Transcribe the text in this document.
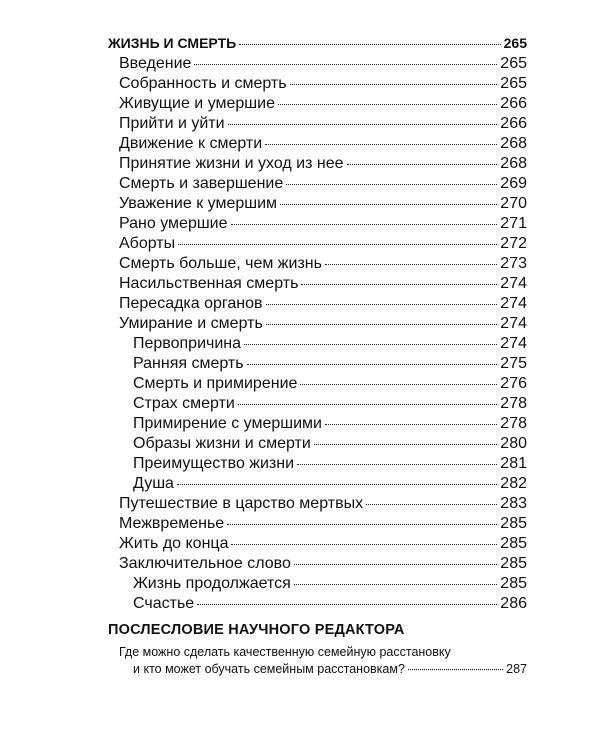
ЖИЗНЬ И СМЕРТЬ	265
Введение	265
Собранность и смерть	265
Живущие и умершие	266
Прийти и уйти	266
Движение к смерти	268
Принятие жизни и уход из нее	268
Смерть и завершение	269
Уважение к умершим	270
Рано умершие	271
Аборты	272
Смерть больше, чем жизнь	273
Насильственная смерть	274
Пересадка органов	274
Умирание и смерть	274
Первопричина	274
Ранняя смерть	275
Смерть и примирение	276
Страх смерти	278
Примирение с умершими	278
Образы жизни и смерти	280
Преимущество жизни	281
Душа	282
Путешествие в царство мертвых	283
Межвременье	285
Жить до конца	285
Заключительное слово	285
Жизнь продолжается	285
Счастье	286
ПОСЛЕСЛОВИЕ НАУЧНОГО РЕДАКТОРА
Где можно сделать качественную семейную расстановку
и кто может обучать семейным расстановкам?	287
